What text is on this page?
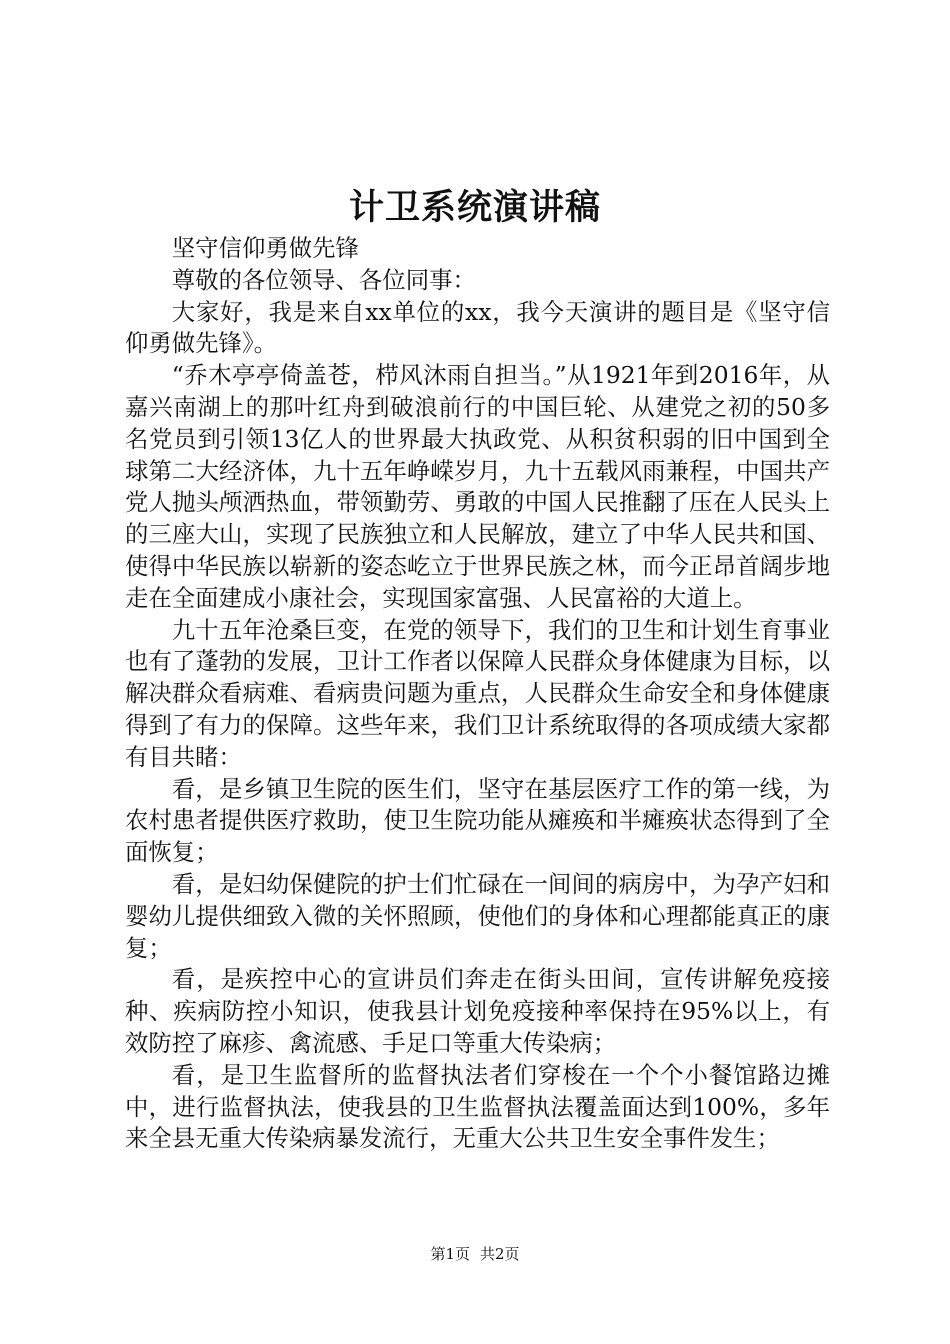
计卫系统演讲稿

坚守信仰勇做先锋

尊敬的各位领导、各位同事：

大家好，我是来自xx单位的xx，我今天演讲的题目是《坚守信仰勇做先锋》。

“乔木亭亭倚盖苍，栉风沐雨自担当。”从1921年到2016年，从嘉兴南湖上的那叶红舟到破浪前行的中国巨轮、从建党之初的50多名党员到引领13亿人的世界最大执政党、从积贫积弱的旧中国到全球第二大经济体，九十五年峥嵘岁月，九十五载风雨兼程，中国共产党人抛头颅洒热血，带领勤劳、勇敢的中国人民推翻了压在人民头上的三座大山，实现了民族独立和人民解放，建立了中华人民共和国、使得中华民族以崭新的姿态屹立于世界民族之林，而今正昂首阔步地走在全面建成小康社会，实现国家富强、人民富裕的大道上。

九十五年沧桑巨变，在党的领导下，我们的卫生和计划生育事业也有了蓬勃的发展，卫计工作者以保障人民群众身体健康为目标，以解决群众看病难、看病贵问题为重点，人民群众生命安全和身体健康得到了有力的保障。这些年来，我们卫计系统取得的各项成绩大家都有目共睹：

看，是乡镇卫生院的医生们，坚守在基层医疗工作的第一线，为农村患者提供医疗救助，使卫生院功能从瘫痪和半瘫痪状态得到了全面恢复；

看，是妇幼保健院的护士们忙碌在一间间的病房中，为孕产妇和婴幼儿提供细致入微的关怀照顾，使他们的身体和心理都能真正的康复；

看，是疾控中心的宣讲员们奔走在街头田间，宣传讲解免疫接种、疾病防控小知识，使我县计划免疫接种率保持在95%以上，有效防控了麻疹、禽流感、手足口等重大传染病；

看，是卫生监督所的监督执法者们穿梭在一个个小餐馆路边摊中，进行监督执法，使我县的卫生监督执法覆盖面达到100%，多年来全县无重大传染病暴发流行，无重大公共卫生安全事件发生；

第1页 共2页
